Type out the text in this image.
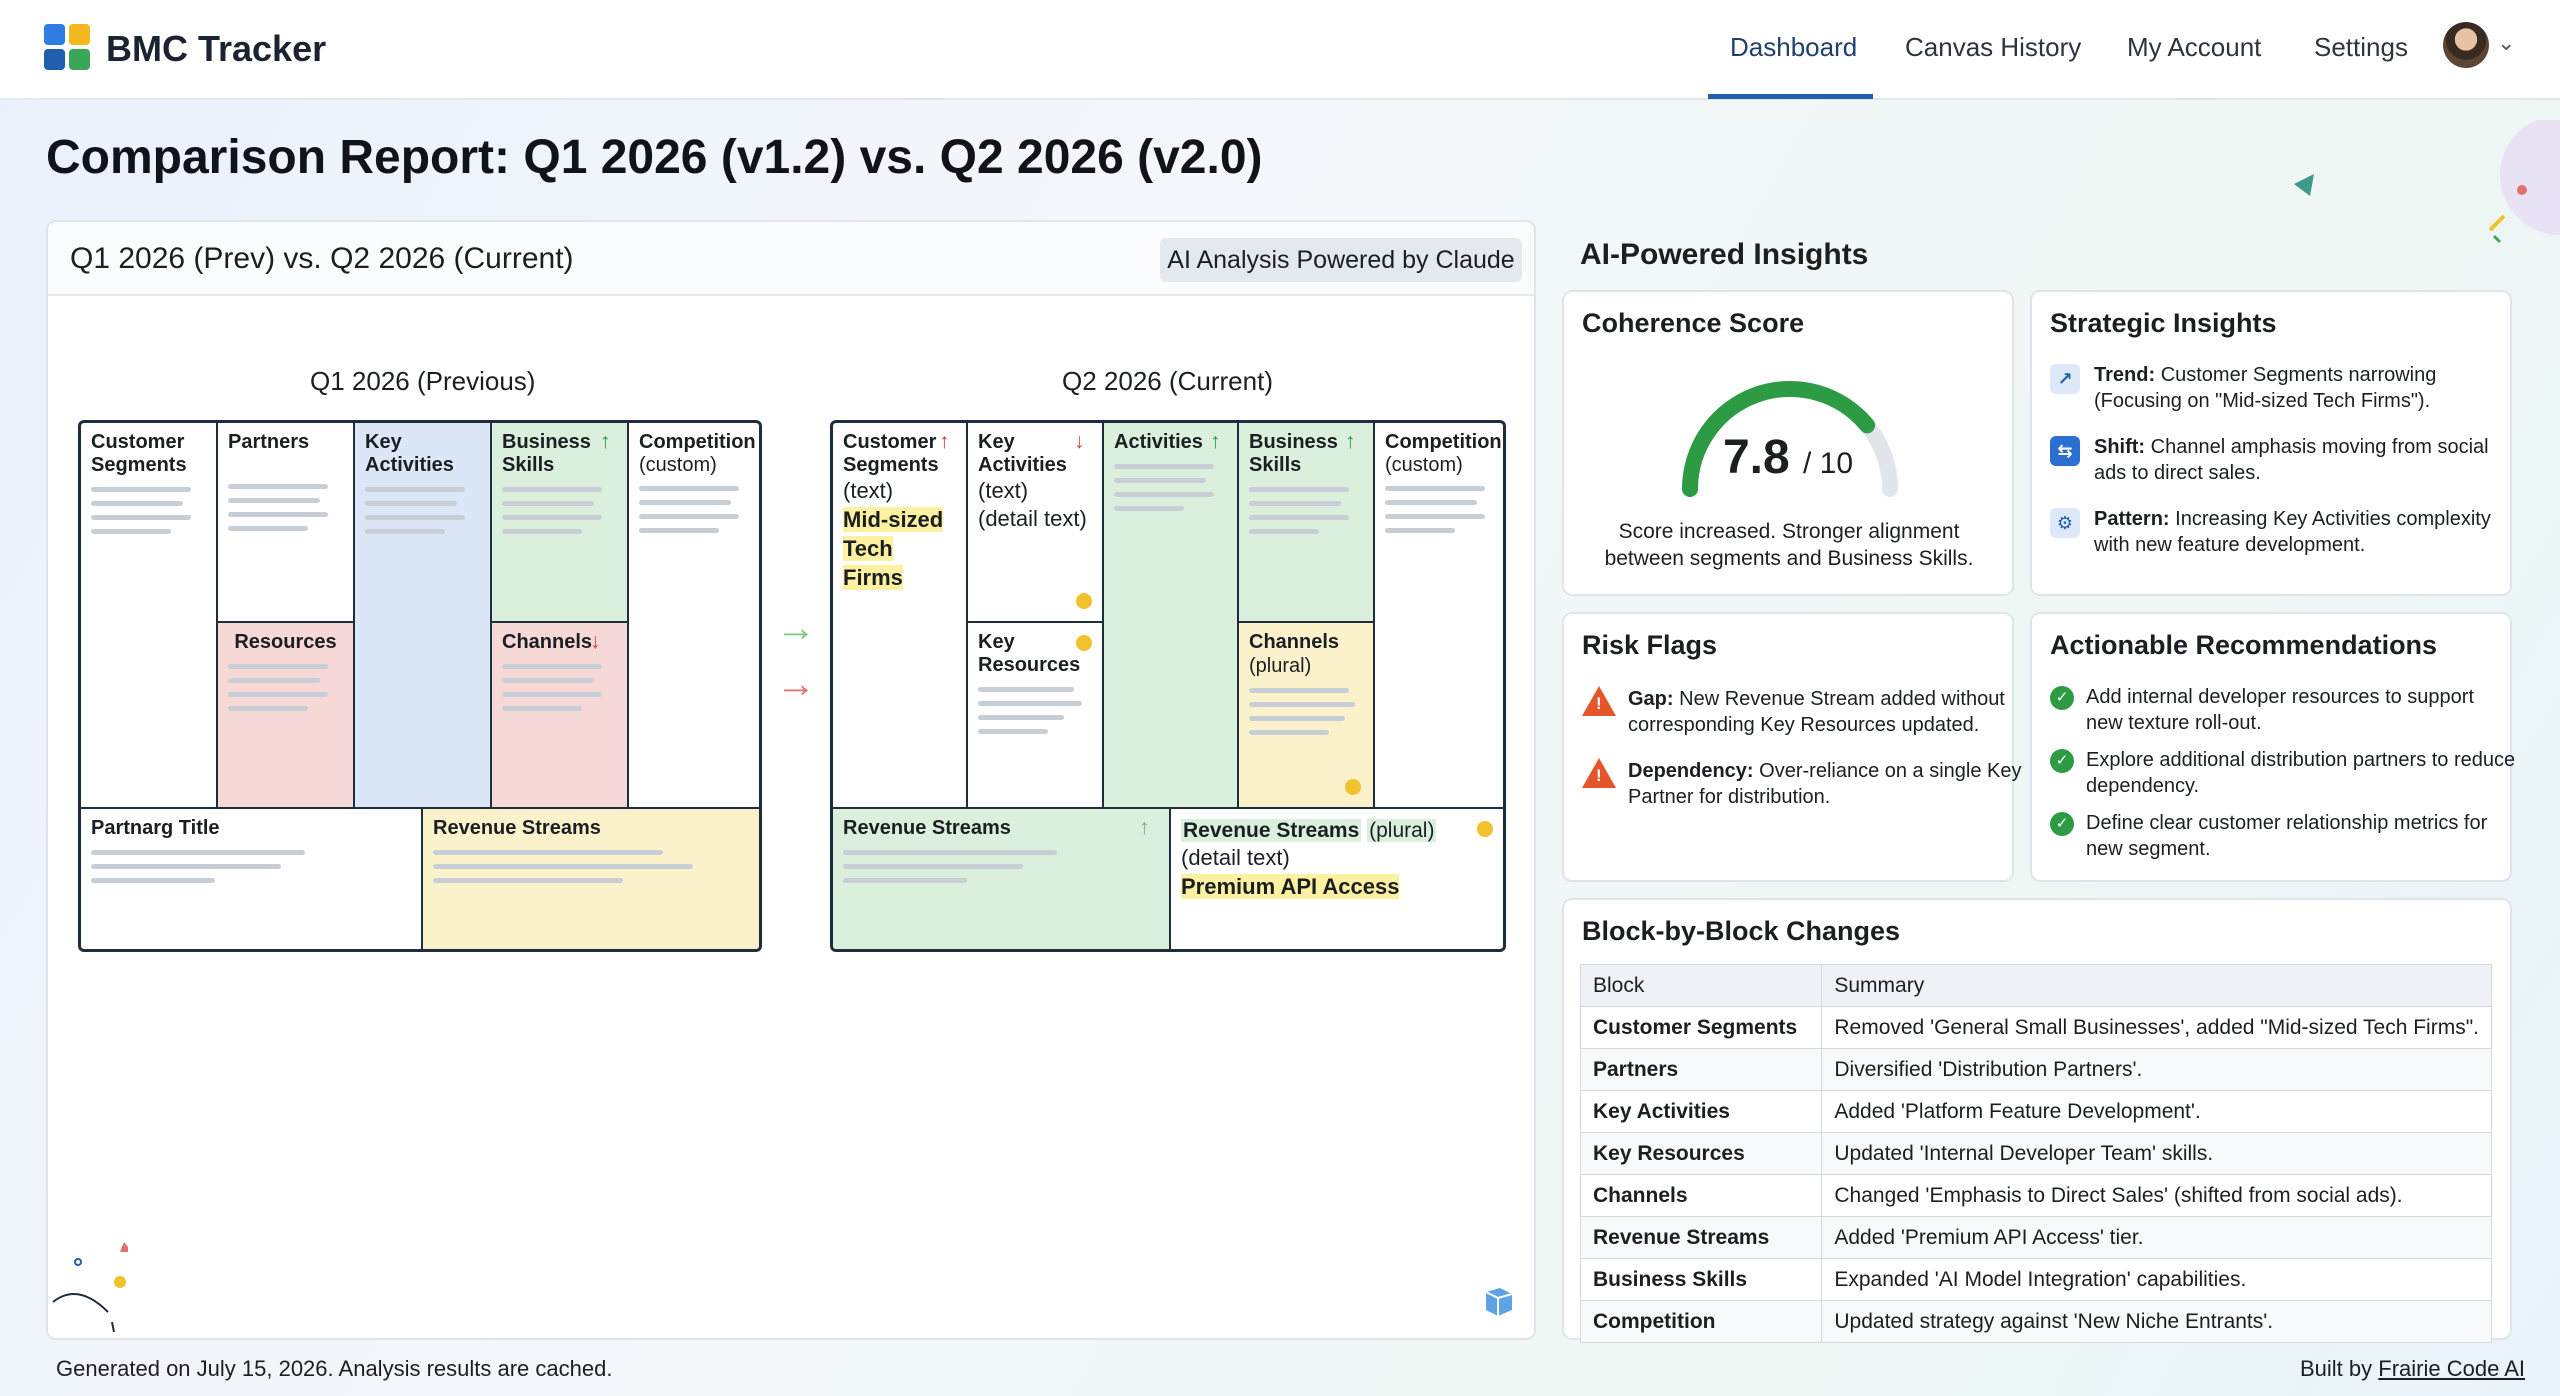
BMC Tracker	Dashboard Canvas History My Account Settings	⌄
Comparison Report: Q1 2026 (v1.2) vs. Q2 2026 (v2.0)
Q1 2026 (Prev) vs. Q2 2026 (Current)	AI Analysis Powered by Claude
Q1 2026 (Previous)	Q2 2026 (Current)
Customer
Segments
Partners
Resources
Key
Activities
Business
Skills
↑
Channels
↓
Competition
(custom)
Partnarg Title	Revenue Streams
→
→
Customer
Segments
↑
(text)
Mid-sized
Tech Firms
Key
Activities
↓
(text)
(detail text)
Key
Resources
Activities ↑ Business
Skills
↑
Channels
(plural)
Competition
(custom)
Revenue Streams	↑ Revenue Streams (plural)
(detail text)
Premium API Access
AI-Powered Insights
Coherence Score
7.8 / 10
Score increased. Stronger alignment between segments and Business Skills.
Strategic Insights
↗	Trend: Customer Segments narrowing (Focusing on "Mid-sized Tech Firms").
⇆	Shift: Channel amphasis moving from social ads to direct sales.
⚙	Pattern: Increasing Key Activities complexity with new feature development.
Risk Flags
! Gap: New Revenue Stream added without corresponding Key Resources updated.
! Dependency: Over-reliance on a single Key Partner for distribution.
Actionable Recommendations
✓ Add internal developer resources to support new texture roll-out.
✓ Explore additional distribution partners to reduce dependency.
✓ Define clear customer relationship metrics for new segment.
Block-by-Block Changes
Block	Summary
Customer Segments	Removed 'General Small Businesses', added "Mid-sized Tech Firms".
Partners	Diversified 'Distribution Partners'.
Key Activities	Added 'Platform Feature Development'.
Key Resources	Updated 'Internal Developer Team' skills.
Channels	Changed 'Emphasis to Direct Sales' (shifted from social ads).
Revenue Streams	Added 'Premium API Access' tier.
Business Skills	Expanded 'AI Model Integration' capabilities.
Competition	Updated strategy against 'New Niche Entrants'.
Generated on July 15, 2026. Analysis results are cached.	Built by Frairie Code AI
